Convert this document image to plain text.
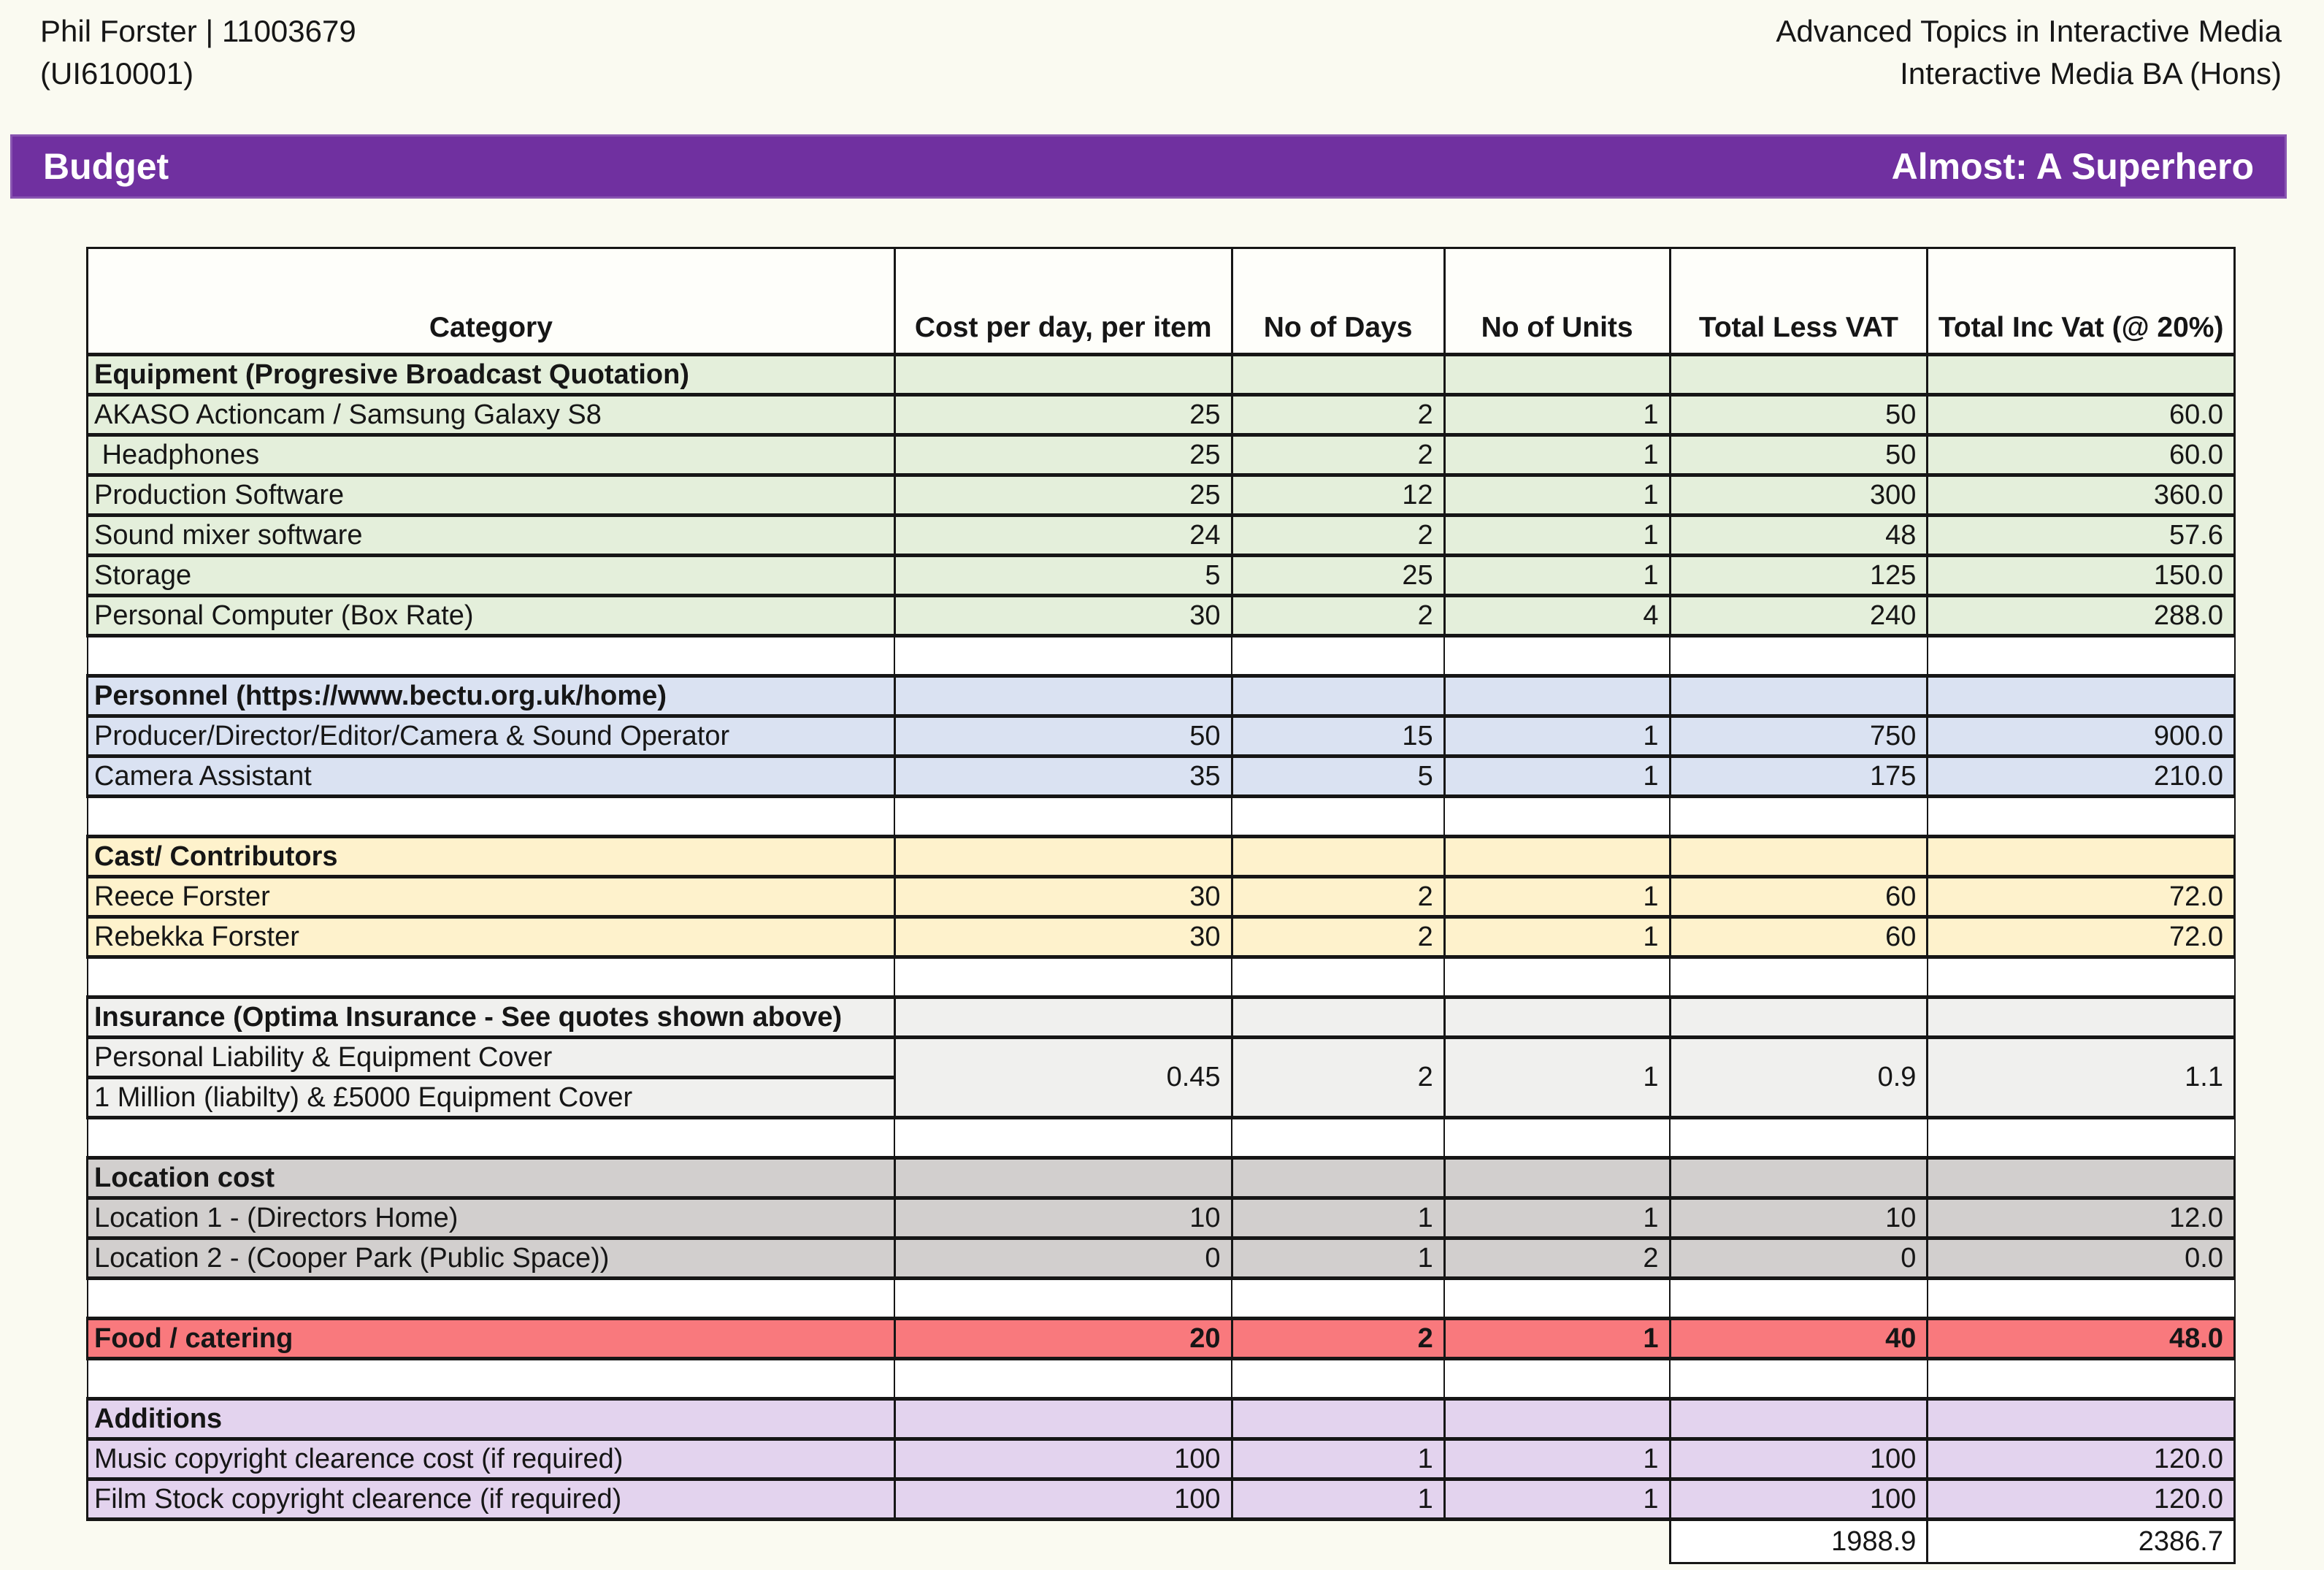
Phil Forster | 11003679
(UI610001)
Advanced Topics in Interactive Media
Interactive Media BA (Hons)
Budget	Almost: A Superhero
Category	Cost per day, per item	No of Days	No of Units	Total Less VAT	Total Inc Vat (@ 20%)
Equipment (Progresive Broadcast Quotation)					
AKASO Actioncam / Samsung Galaxy S8	25	2	1	50	60.0
Headphones	25	2	1	50	60.0
Production Software	25	12	1	300	360.0
Sound mixer software	24	2	1	48	57.6
Storage	5	25	1	125	150.0
Personal Computer (Box Rate)	30	2	4	240	288.0

Personnel (https://www.bectu.org.uk/home)					
Producer/Director/Editor/Camera & Sound Operator	50	15	1	750	900.0
Camera Assistant	35	5	1	175	210.0

Cast/ Contributors					
Reece Forster	30	2	1	60	72.0
Rebekka Forster	30	2	1	60	72.0

Insurance (Optima Insurance - See quotes shown above)					
Personal Liability & Equipment Cover	0.45	2	1	0.9	1.1
1 Million (liabilty) & £5000 Equipment Cover					

Location cost					
Location 1 - (Directors Home)	10	1	1	10	12.0
Location 2 - (Cooper Park (Public Space))	0	1	2	0	0.0

Food / catering	20	2	1	40	48.0

Additions					
Music copyright clearence cost (if required)	100	1	1	100	120.0
Film Stock copyright clearence (if required)	100	1	1	100	120.0
				1988.9	2386.7
